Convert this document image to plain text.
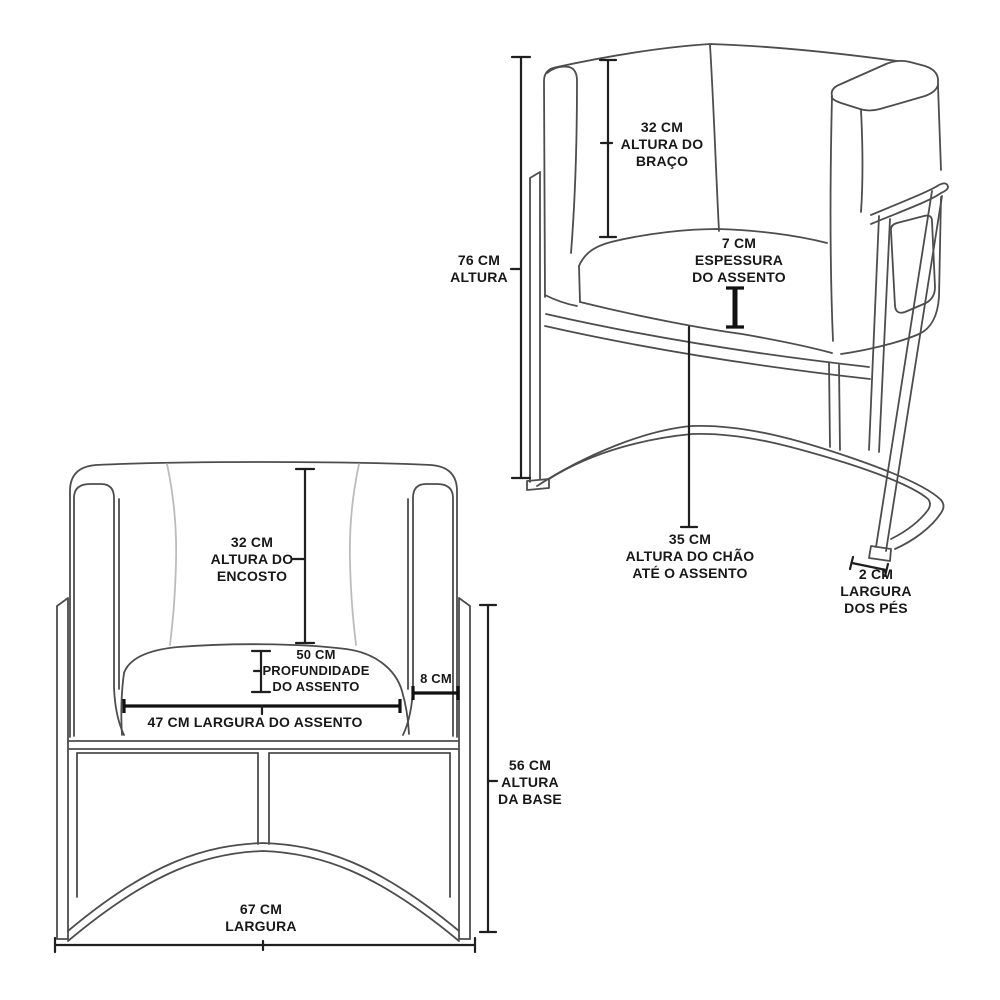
32 CM
ALTURA DO
BRAÇO
7 CM
ESPESSURA
DO ASSENTO
76 CM
ALTURA
35 CM
ALTURA DO CHÃO
ATÉ O ASSENTO	2 CM
LARGURA
DOS PÉS
32 CM
ALTURA DO
ENCOSTO
50 CM
PROFUNDIDADE
DO ASSENTO
8 CM
47 CM LARGURA DO ASSENTO
56 CM
ALTURA
DA BASE
67 CM
LARGURA
